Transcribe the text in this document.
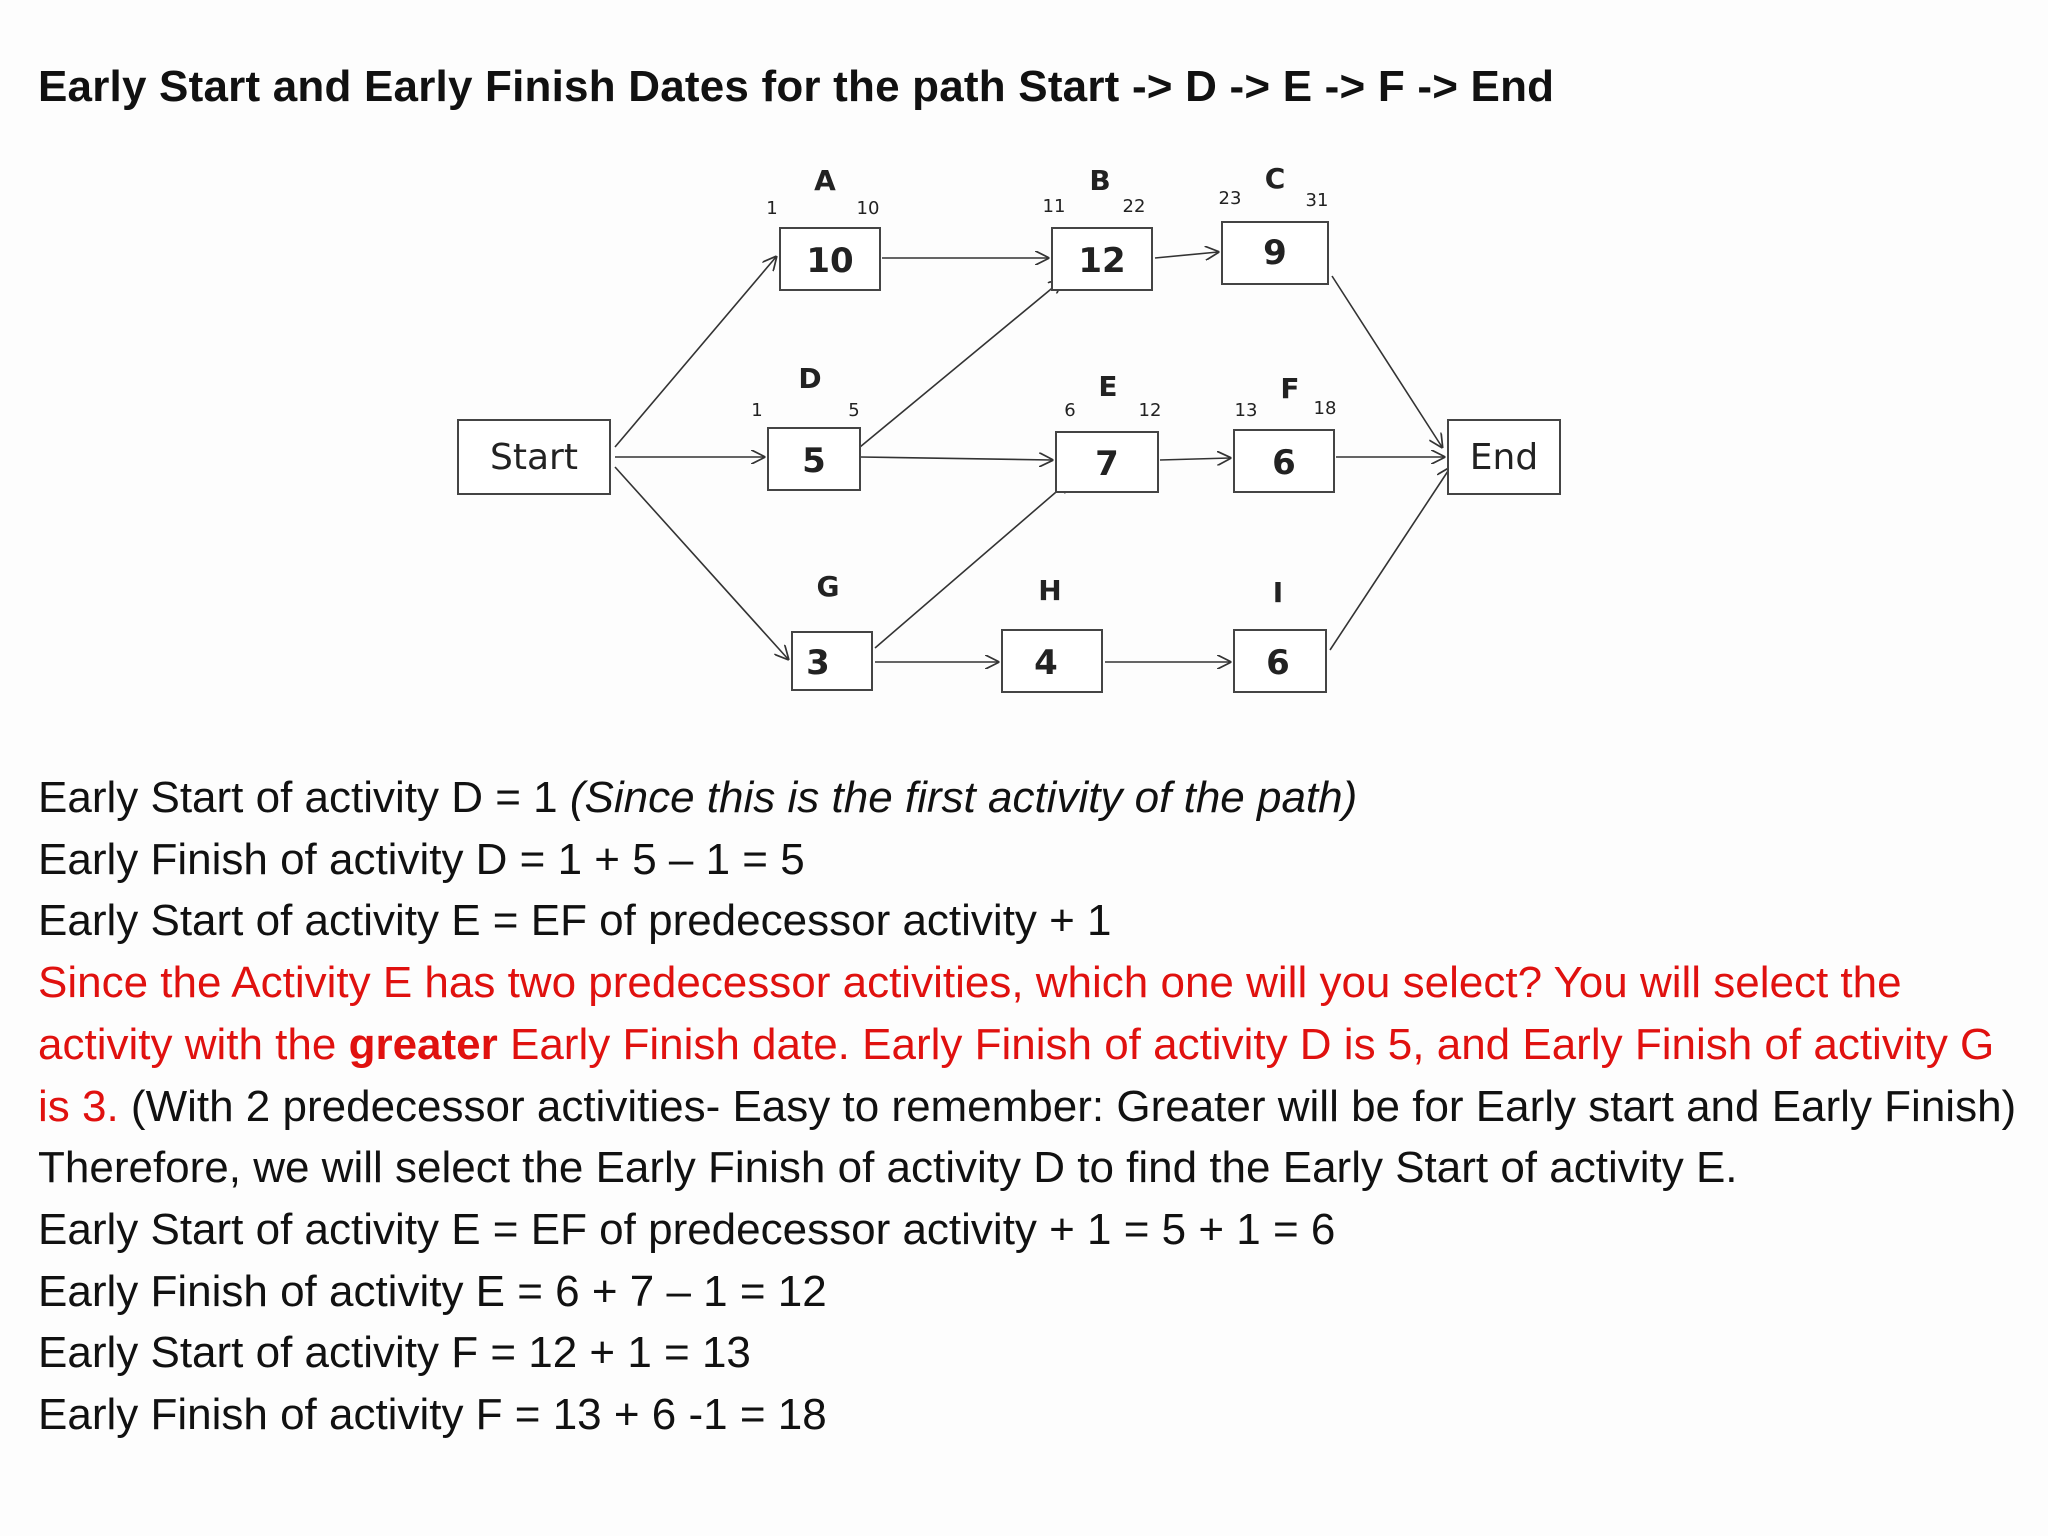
Early Start and Early Finish Dates for the path Start -> D -> E -> F -> End
Start	End
10
A
1	10
12
B
11	22
9
C
23	31
5
D
1	5
7
E
6	12
6
F
13	18
3
G
4
H
6
I
Early Start of activity D = 1 (Since this is the first activity of the path)
Early Finish of activity D = 1 + 5 – 1 = 5
Early Start of activity E = EF of predecessor activity + 1
Since the Activity E has two predecessor activities, which one will you select? You will select the activity with the greater Early Finish date. Early Finish of activity D is 5, and Early Finish of activity G is 3. (With 2 predecessor activities- Easy to remember: Greater will be for Early start and Early Finish)
Therefore, we will select the Early Finish of activity D to find the Early Start of activity E.
Early Start of activity E = EF of predecessor activity + 1 = 5 + 1 = 6
Early Finish of activity E = 6 + 7 – 1 = 12
Early Start of activity F = 12 + 1 = 13
Early Finish of activity F = 13 + 6 -1 = 18
